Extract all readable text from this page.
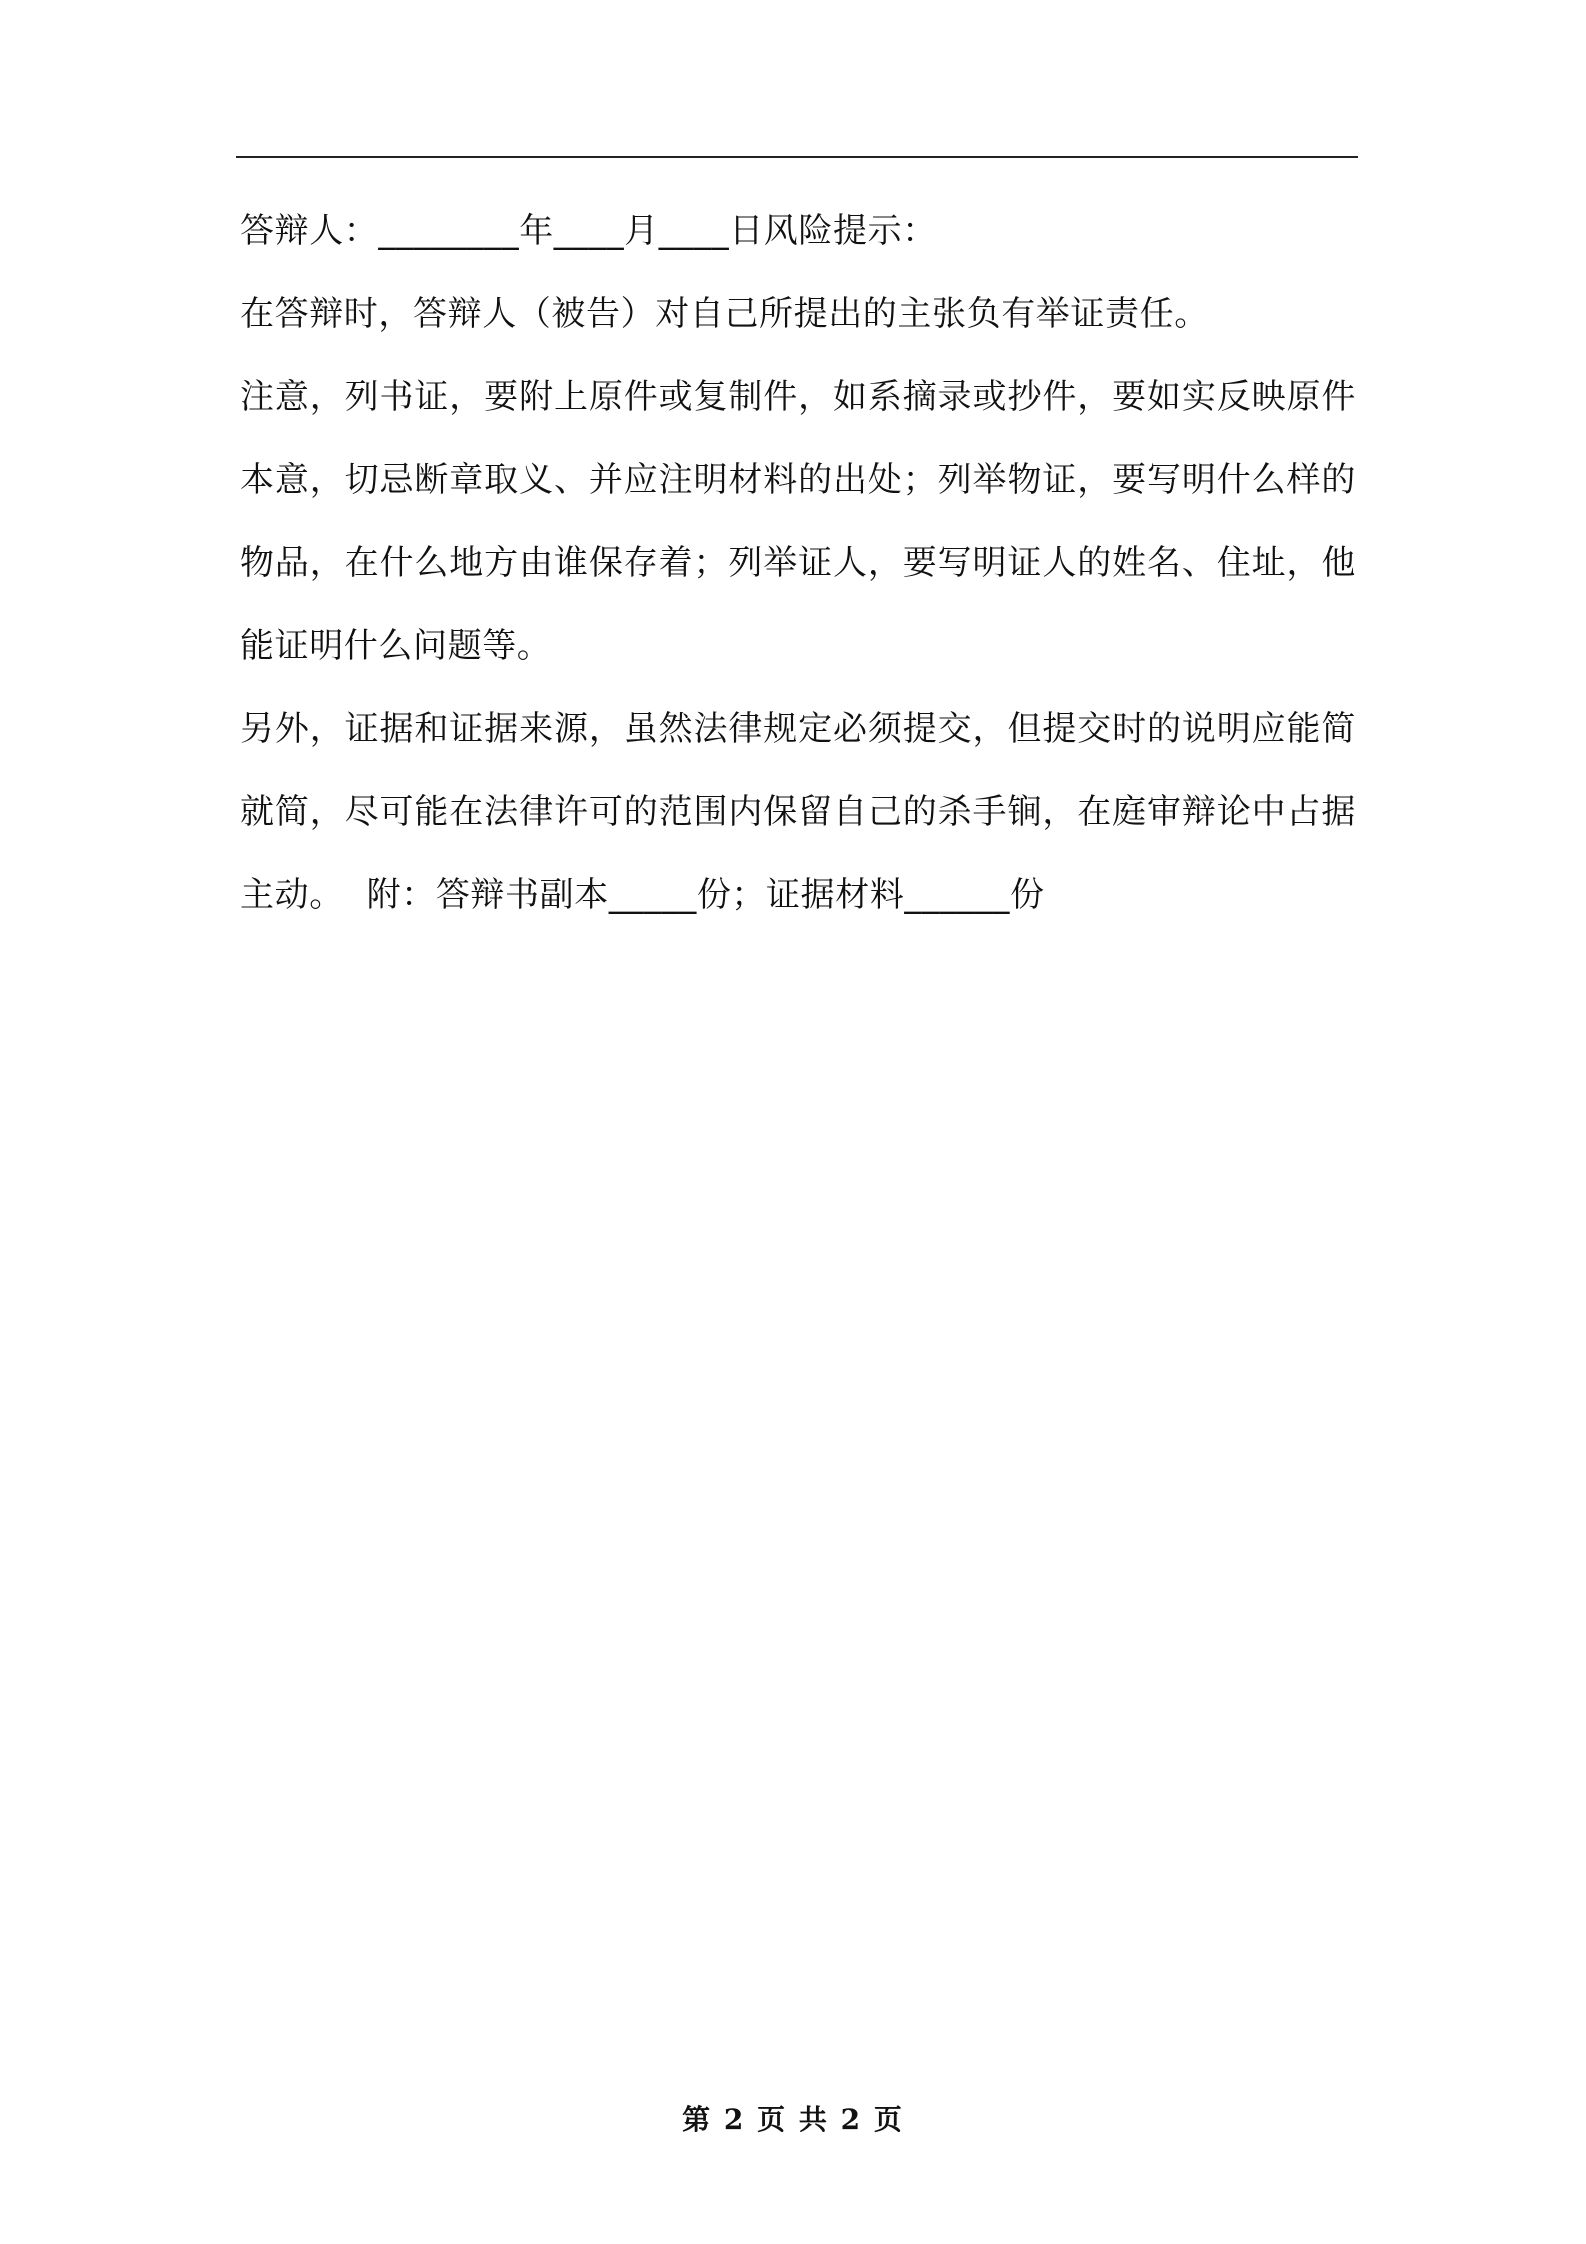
答辩人：________年____月____日风险提示：

在答辩时，答辩人（被告）对自己所提出的主张负有举证责任。

注意，列书证，要附上原件或复制件，如系摘录或抄件，要如实反映原件本意，切忌断章取义、并应注明材料的出处；列举物证，要写明什么样的物品，在什么地方由谁保存着；列举证人，要写明证人的姓名、住址，他能证明什么问题等。

另外，证据和证据来源，虽然法律规定必须提交，但提交时的说明应能简就简，尽可能在法律许可的范围内保留自己的杀手锏，在庭审辩论中占据主动。  附：答辩书副本_____份；证据材料______份

第 2 页 共 2 页
